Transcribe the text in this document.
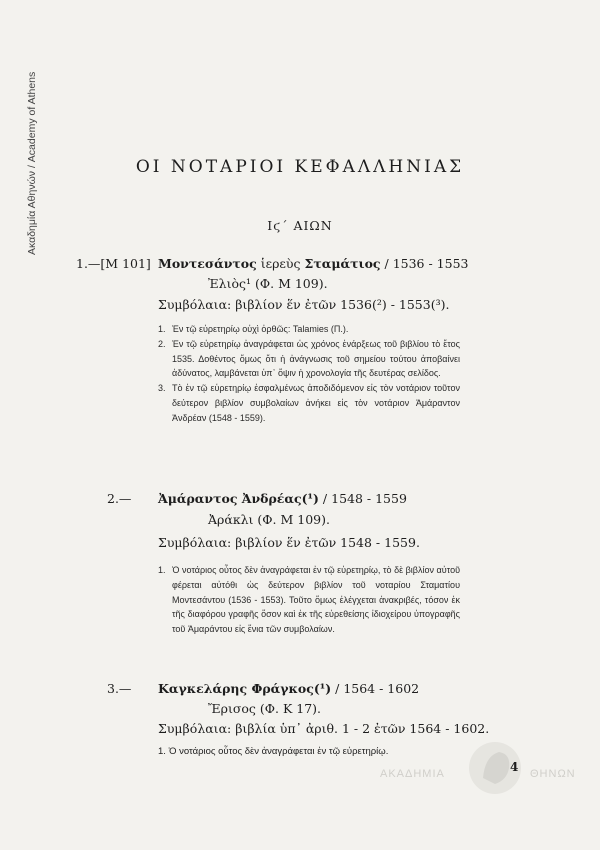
Ακαδημία Αθηνών / Academy of Athens	ΟΙ ΝΟΤΑΡΙΟΙ ΚΕΦΑΛΛΗΝΙΑΣ
Ιϛ΄ ΑΙΩΝ
1.—[M 101] Μοντεσάντος ἱερεὺς Σταμάτιος / 1536 - 1553
Ἐλιὸς¹ (Φ. Μ 109).
Συμβόλαια: βιβλίον ἕν ἐτῶν 1536(²) - 1553(³).

1. Ἐν τῷ εὑρετηρίῳ οὐχὶ ὀρθῶς: Talamies (Π.).

2. Ἐν τῷ εὑρετηρίῳ ἀναγράφεται ὡς χρόνος ἐνάρξεως τοῦ βιβλίου τὸ ἔτος 1535. Δοθέντος ὅμως ὅτι ἡ ἀνάγνωσις τοῦ σημείου τούτου ἀποβαίνει ἀδύνατος, λαμβάνεται ὑπ᾽ ὄψιν ἡ χρονολογία τῆς δευτέρας σελίδος.

3. Τὸ ἐν τῷ εὑρετηρίῳ ἐσφαλμένως ἀποδιδόμενον εἰς τὸν νοτάριον τοῦτον δεύτερον βιβλίον συμβολαίων ἀνήκει εἰς τὸν νοτάριον Ἀμάραντον Ἀνδρέαν (1548 - 1559).

2.— Ἀμάραντος Ἀνδρέας(¹) / 1548 - 1559
Ἀράκλι (Φ. Μ 109).
Συμβόλαια: βιβλίον ἕν ἐτῶν 1548 - 1559.

1. Ὁ νοτάριος οὗτος δὲν ἀναγράφεται ἐν τῷ εὑρετηρίῳ, τὸ δὲ βιβλίον αὐτοῦ φέρεται αὐτόθι ὡς δεύτερον βιβλίον τοῦ νοταρίου Σταματίου Μοντεσάντου (1536 - 1553). Τοῦτο ὅμως ἐλέγχεται ἀνακριβές, τόσον ἐκ τῆς διαφόρου γραφῆς ὅσον καὶ ἐκ τῆς εὑρεθείσης ἰδιοχείρου ὑπογραφῆς τοῦ Ἀμαράντου εἰς ἕνια τῶν συμβολαίων.

3.— Καγκελάρης Φράγκος(¹) / 1564 - 1602
Ἔρισος (Φ. Κ 17).
Συμβόλαια: βιβλία ὑπ᾽ ἀριθ. 1 - 2 ἐτῶν 1564 - 1602.
1. Ὁ νοτάριος οὗτος δὲν ἀναγράφεται ἐν τῷ εὑρετηρίῳ.
ΑΚΑΔΗΜΙΑ	ΘΗΝΩΝ
4
